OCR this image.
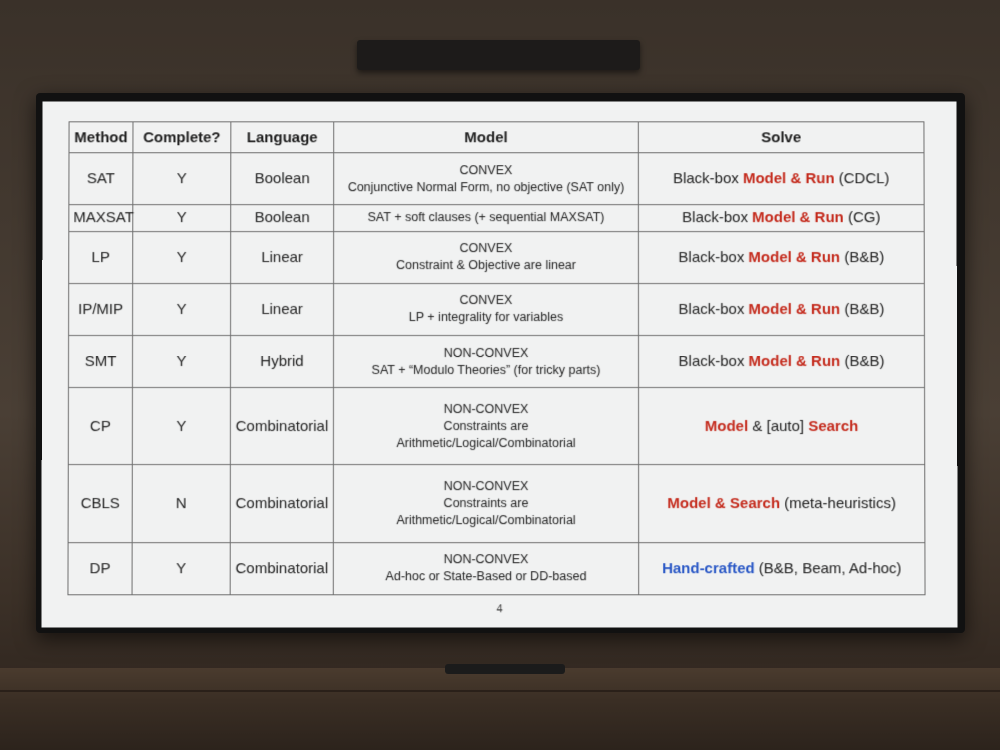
Method	Complete?	Language	Model	Solve
SAT	Y	Boolean	CONVEX
Conjunctive Normal Form, no objective (SAT only)	Black-box Model & Run (CDCL)
MAXSAT	Y	Boolean	SAT + soft clauses (+ sequential MAXSAT)	Black-box Model & Run (CG)
LP	Y	Linear	CONVEX
Constraint & Objective are linear	Black-box Model & Run (B&B)
IP/MIP	Y	Linear	CONVEX
LP + integrality for variables	Black-box Model & Run (B&B)
SMT	Y	Hybrid	NON-CONVEX
SAT + “Modulo Theories” (for tricky parts)	Black-box Model & Run (B&B)
CP	Y	Combinatorial	NON-CONVEX
Constraints are
Arithmetic/Logical/Combinatorial	Model & [auto] Search
CBLS	N	Combinatorial	NON-CONVEX
Constraints are
Arithmetic/Logical/Combinatorial	Model & Search (meta-heuristics)
DP	Y	Combinatorial	NON-CONVEX
Ad-hoc or State-Based or DD-based	Hand-crafted (B&B, Beam, Ad-hoc)
4
